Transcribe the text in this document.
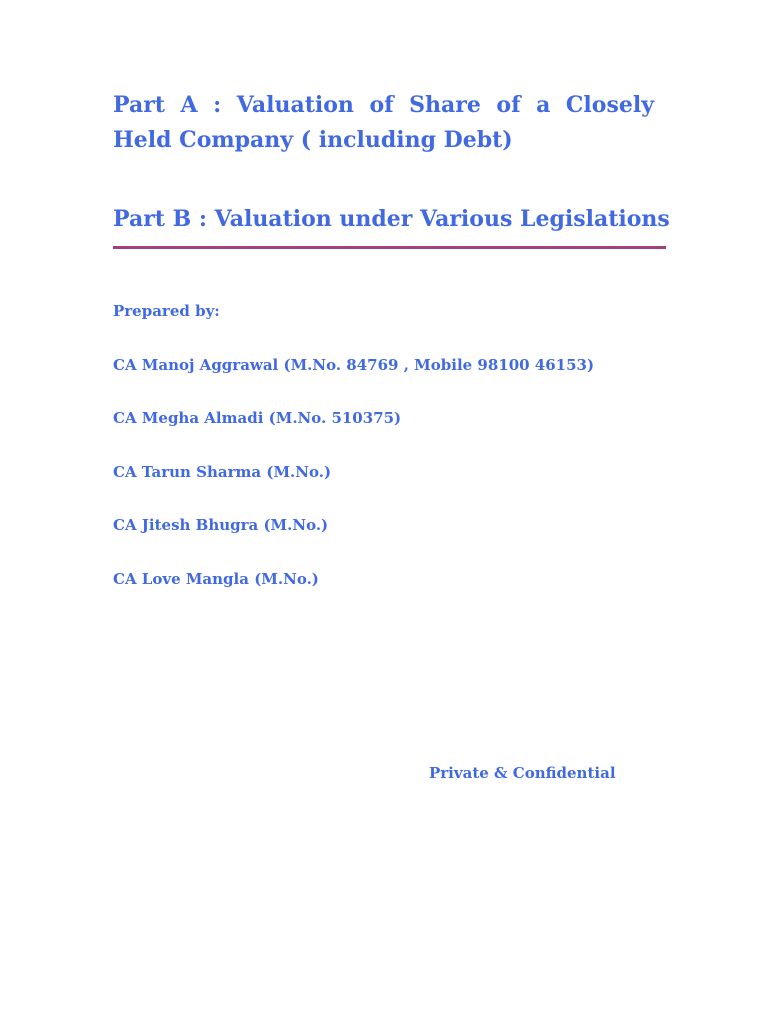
Part A : Valuation of Share of a Closely Held Company ( including Debt)
Part B : Valuation under Various Legislations

Prepared by:

CA Manoj Aggrawal (M.No. 84769 , Mobile 98100 46153)

CA Megha Almadi (M.No. 510375)

CA Tarun Sharma (M.No.)

CA Jitesh Bhugra (M.No.)

CA Love Mangla (M.No.)

Private & Confidential
